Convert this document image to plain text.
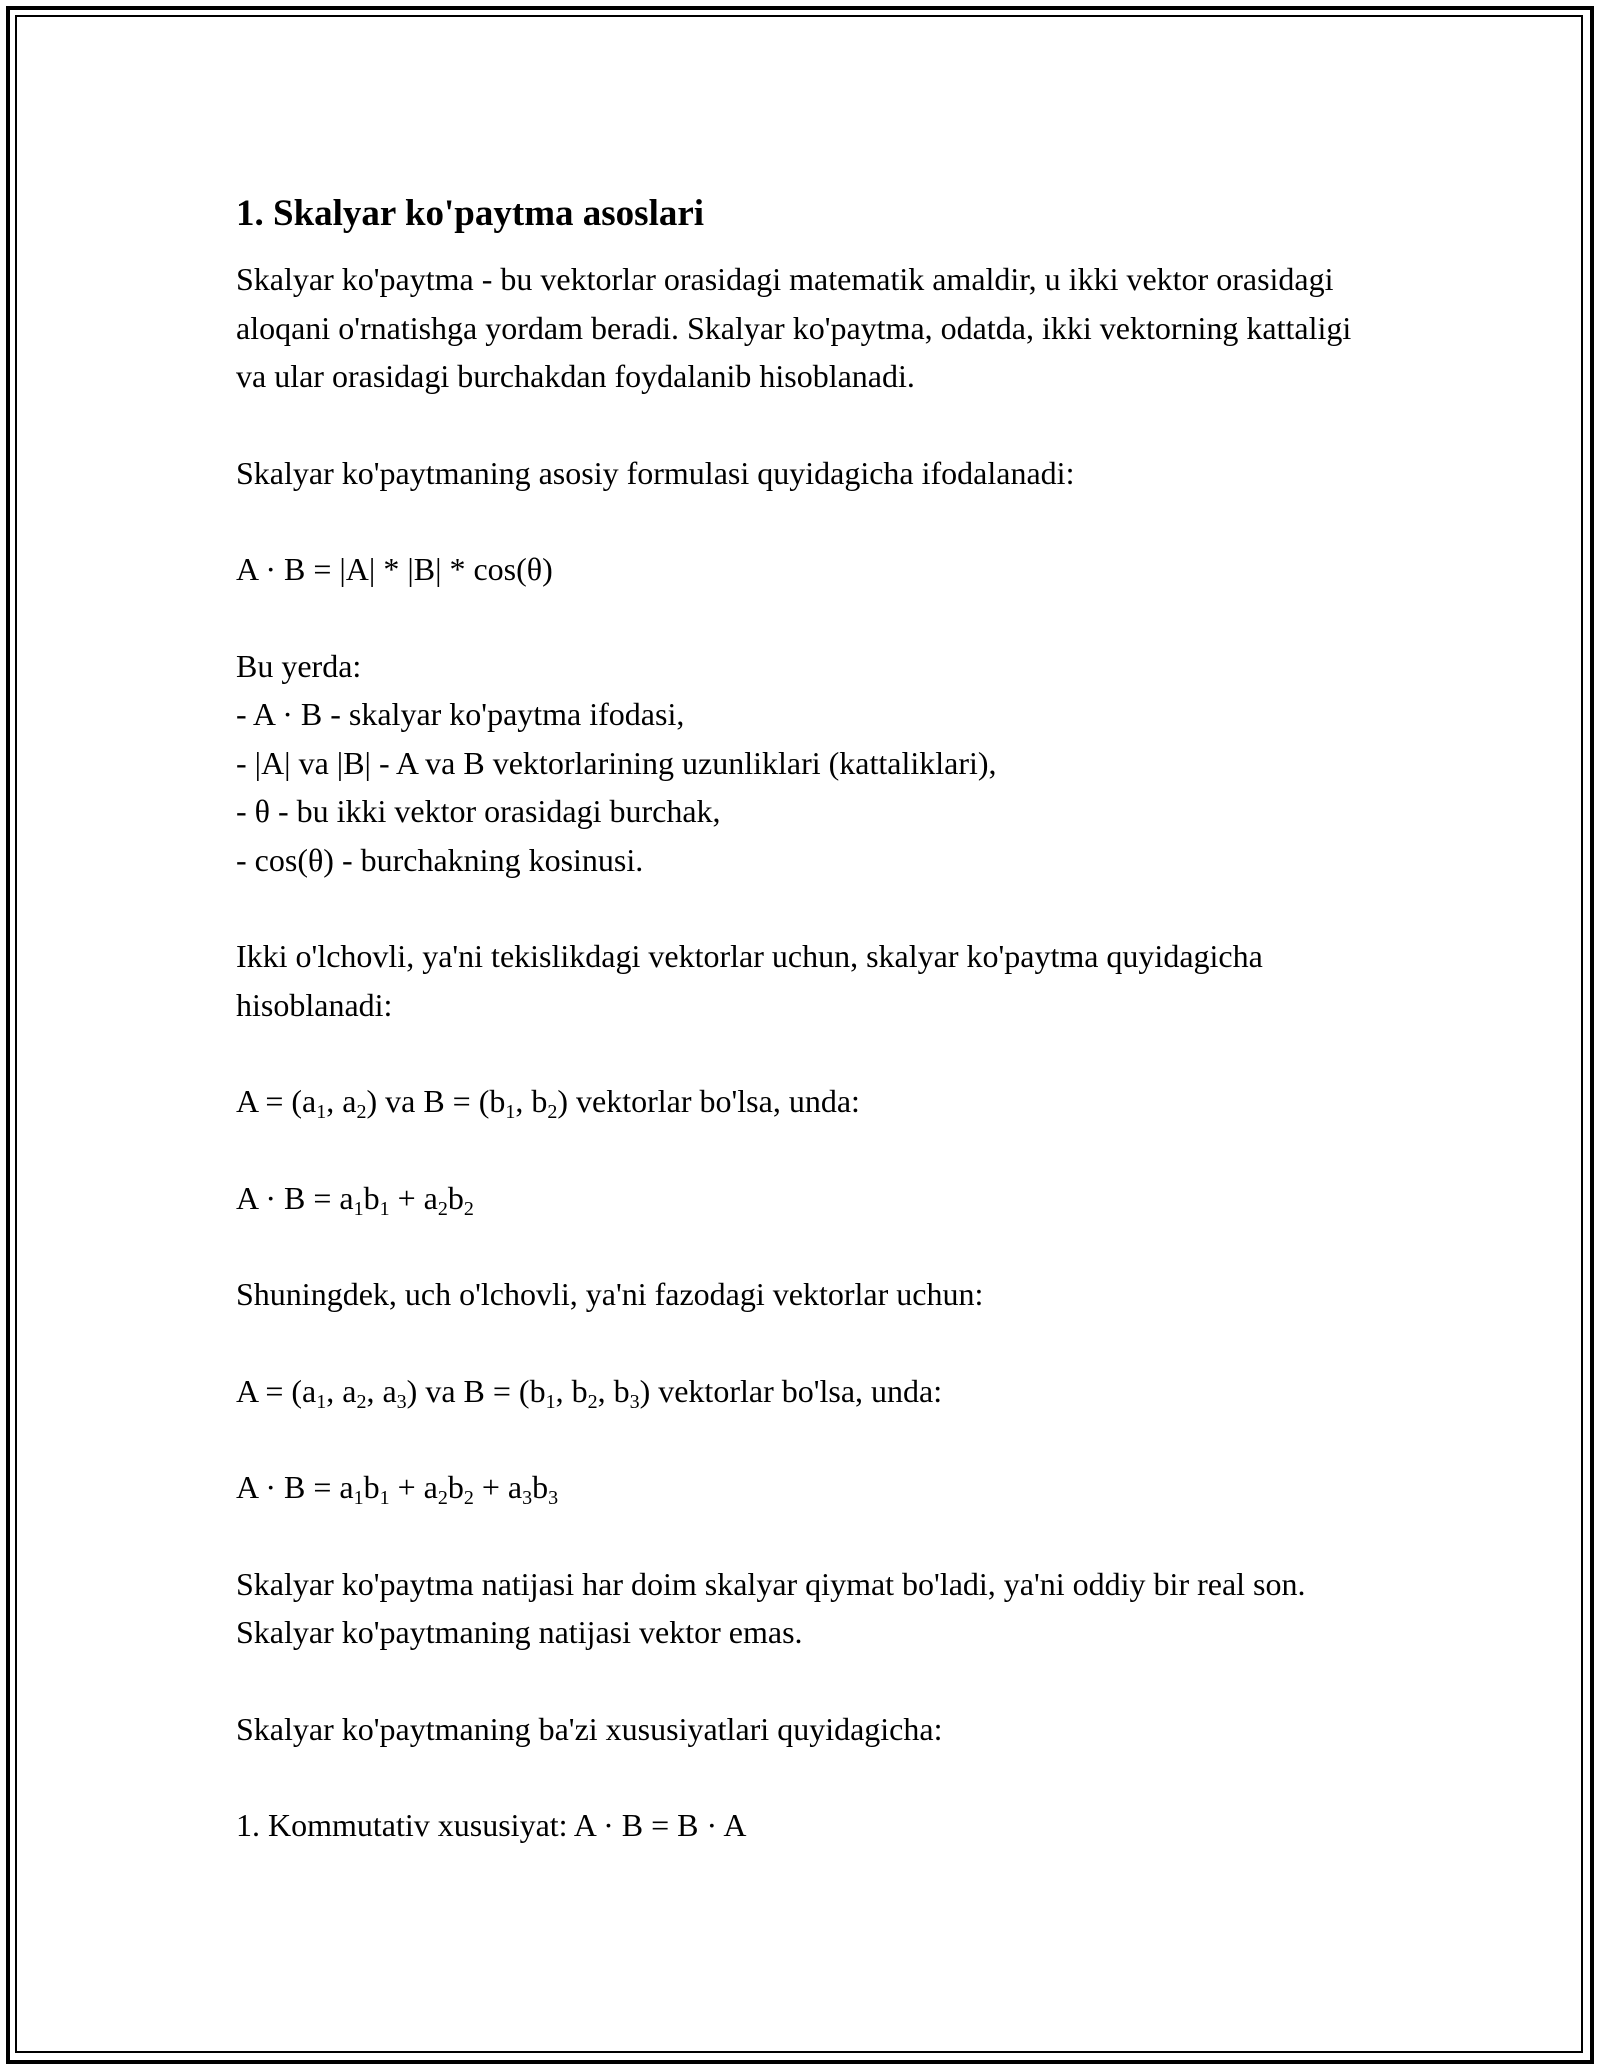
1. Skalyar ko'paytma asoslari

Skalyar ko'paytma - bu vektorlar orasidagi matematik amaldir, u ikki vektor orasidagi aloqani o'rnatishga yordam beradi. Skalyar ko'paytma, odatda, ikki vektorning kattaligi va ular orasidagi burchakdan foydalanib hisoblanadi.

Skalyar ko'paytmaning asosiy formulasi quyidagicha ifodalanadi:

A · B = |A| * |B| * cos(θ)

Bu yerda:

- A · B - skalyar ko'paytma ifodasi,

- |A| va |B| - A va B vektorlarining uzunliklari (kattaliklari),

- θ - bu ikki vektor orasidagi burchak,

- cos(θ) - burchakning kosinusi.

Ikki o'lchovli, ya'ni tekislikdagi vektorlar uchun, skalyar ko'paytma quyidagicha hisoblanadi:

$A = (a_1$, $a_2$) va $B = (b_1$, $b_2$) vektorlar bo'lsa, unda:

$A \cdot B = a_1b_1 + a_2b_2$

Shuningdek, uch o'lchovli, ya'ni fazodagi vektorlar uchun:

$A = (a_1$, $a_2$, $a_3$) va $B = (b_1$, $b_2$, $b_3$) vektorlar bo'lsa, unda:

$A \cdot B = a_1b_1 + a_2b_2 + a_3b_3$

Skalyar ko'paytma natijasi har doim skalyar qiymat bo'ladi, ya'ni oddiy bir real son. Skalyar ko'paytmaning natijasi vektor emas.

Skalyar ko'paytmaning ba'zi xususiyatlari quyidagicha:

1. Kommutativ xususiyat: A · B = B · A
